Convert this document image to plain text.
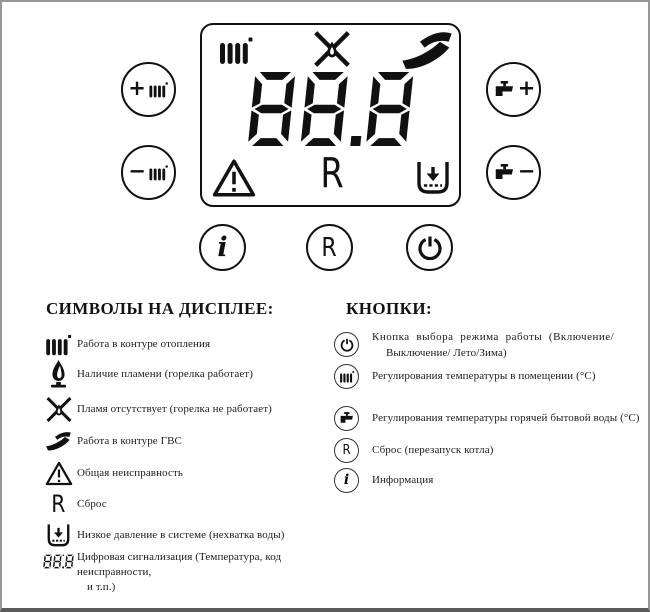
R
+
−
+
−
i	R
СИМВОЛЫ НА ДИСПЛЕЕ:
Работа в контуре отопления
Наличие пламени (горелка работает)
Пламя отсутствует (горелка не работает)
Работа в контуре ГВС
Общая неисправность
R Сброс
Низкое давление в системе (нехватка воды)
Цифровая сигнализация (Температура, код неисправности,
и т.п.)
КНОПКИ:
Кнопка выбора режима работы (Включение/
Выключение/ Лето/Зима)
Регулирования температуры в помещении (°C)
Регулирования температуры горячей бытовой воды (°C)
R Сброс (перезапуск котла)
i Информация
